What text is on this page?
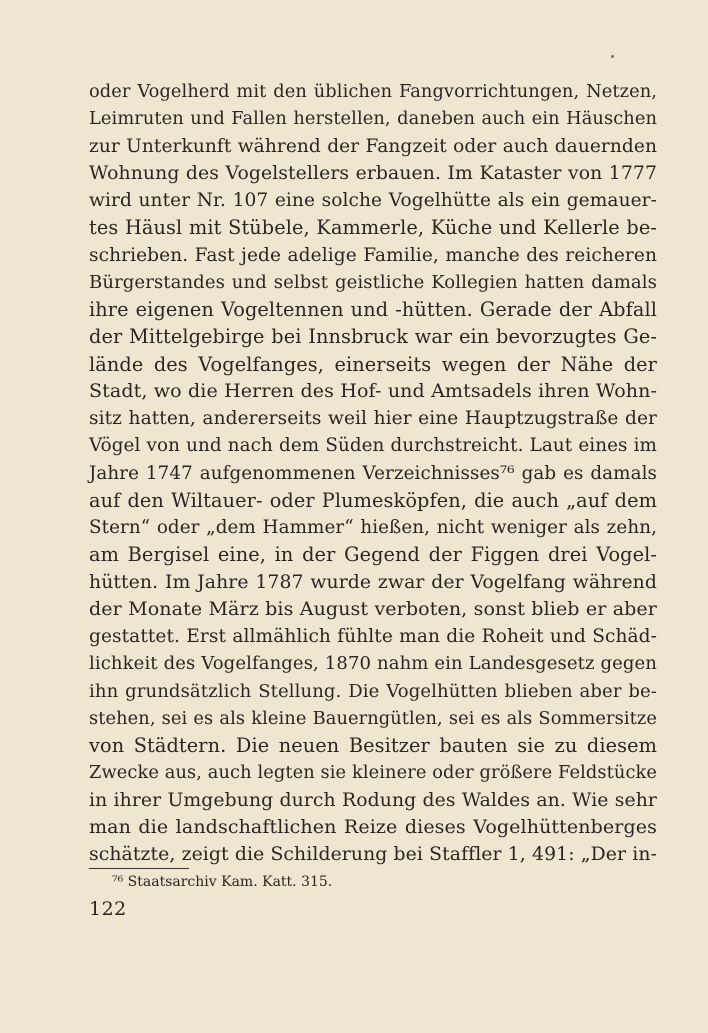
oder Vogelherd mit den üblichen Fangvorrichtungen, Netzen,
Leimruten und Fallen herstellen, daneben auch ein Häuschen
zur Unterkunft während der Fangzeit oder auch dauernden
Wohnung des Vogelstellers erbauen. Im Kataster von 1777
wird unter Nr. 107 eine solche Vogelhütte als ein gemauer-
tes Häusl mit Stübele, Kammerle, Küche und Kellerle be-
schrieben. Fast jede adelige Familie, manche des reicheren
Bürgerstandes und selbst geistliche Kollegien hatten damals
ihre eigenen Vogeltennen und -hütten. Gerade der Abfall
der Mittelgebirge bei Innsbruck war ein bevorzugtes Ge-
lände des Vogelfanges, einerseits wegen der Nähe der
Stadt, wo die Herren des Hof- und Amtsadels ihren Wohn-
sitz hatten, andererseits weil hier eine Hauptzugstraße der
Vögel von und nach dem Süden durchstreicht. Laut eines im
Jahre 1747 aufgenommenen Verzeichnisses⁷⁶ gab es damals
auf den Wiltauer- oder Plumesköpfen, die auch „auf dem
Stern“ oder „dem Hammer“ hießen, nicht weniger als zehn,
am Bergisel eine, in der Gegend der Figgen drei Vogel-
hütten. Im Jahre 1787 wurde zwar der Vogelfang während
der Monate März bis August verboten, sonst blieb er aber
gestattet. Erst allmählich fühlte man die Roheit und Schäd-
lichkeit des Vogelfanges, 1870 nahm ein Landesgesetz gegen
ihn grundsätzlich Stellung. Die Vogelhütten blieben aber be-
stehen, sei es als kleine Bauerngütlen, sei es als Sommersitze
von Städtern. Die neuen Besitzer bauten sie zu diesem
Zwecke aus, auch legten sie kleinere oder größere Feldstücke
in ihrer Umgebung durch Rodung des Waldes an. Wie sehr
man die landschaftlichen Reize dieses Vogelhüttenberges
schätzte, zeigt die Schilderung bei Staffler 1, 491: „Der in-
⁷⁶ Staatsarchiv Kam. Katt. 315.
122
